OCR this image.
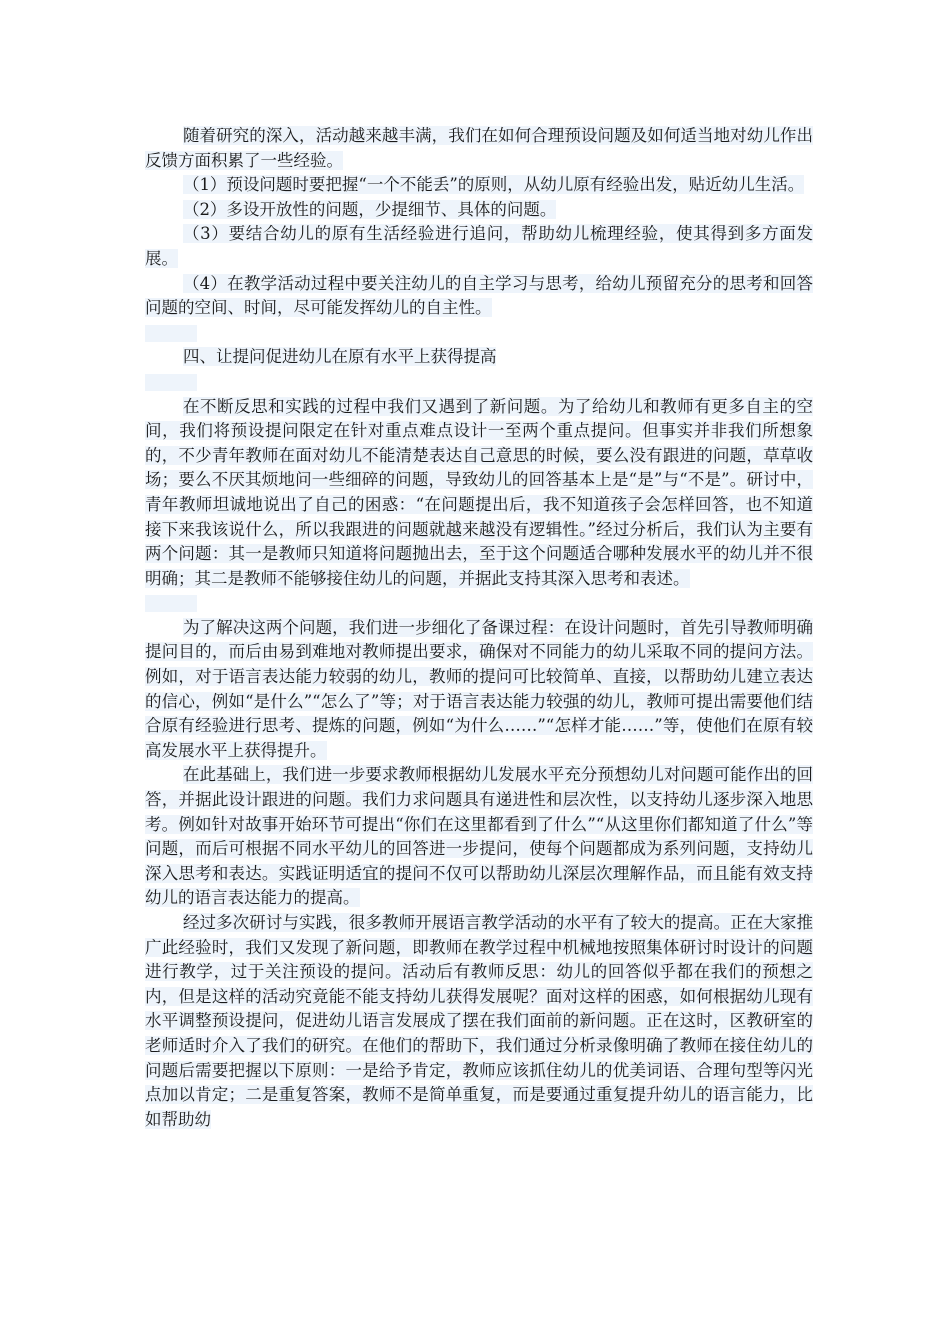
随着研究的深入，活动越来越丰满，我们在如何合理预设问题及如何适当地对幼儿作出反馈方面积累了一些经验。

（1）预设问题时要把握“一个不能丢”的原则，从幼儿原有经验出发，贴近幼儿生活。

（2）多设开放性的问题，少提细节、具体的问题。

（3）要结合幼儿的原有生活经验进行追问，帮助幼儿梳理经验，使其得到多方面发展。

（4）在教学活动过程中要关注幼儿的自主学习与思考，给幼儿预留充分的思考和回答问题的空间、时间，尽可能发挥幼儿的自主性。

四、让提问促进幼儿在原有水平上获得提高

在不断反思和实践的过程中我们又遇到了新问题。为了给幼儿和教师有更多自主的空间，我们将预设提问限定在针对重点难点设计一至两个重点提问。但事实并非我们所想象的，不少青年教师在面对幼儿不能清楚表达自己意思的时候，要么没有跟进的问题，草草收场；要么不厌其烦地问一些细碎的问题，导致幼儿的回答基本上是“是”与“不是”。研讨中，青年教师坦诚地说出了自己的困惑：“在问题提出后，我不知道孩子会怎样回答，也不知道接下来我该说什么，所以我跟进的问题就越来越没有逻辑性。”经过分析后，我们认为主要有两个问题：其一是教师只知道将问题抛出去，至于这个问题适合哪种发展水平的幼儿并不很明确；其二是教师不能够接住幼儿的问题，并据此支持其深入思考和表述。

为了解决这两个问题，我们进一步细化了备课过程：在设计问题时，首先引导教师明确提问目的，而后由易到难地对教师提出要求，确保对不同能力的幼儿采取不同的提问方法。例如，对于语言表达能力较弱的幼儿，教师的提问可比较简单、直接，以帮助幼儿建立表达的信心，例如“是什么”“怎么了”等；对于语言表达能力较强的幼儿，教师可提出需要他们结合原有经验进行思考、提炼的问题，例如“为什么……”“怎样才能……”等，使他们在原有较高发展水平上获得提升。

在此基础上，我们进一步要求教师根据幼儿发展水平充分预想幼儿对问题可能作出的回答，并据此设计跟进的问题。我们力求问题具有递进性和层次性，以支持幼儿逐步深入地思考。例如针对故事开始环节可提出“你们在这里都看到了什么”“从这里你们都知道了什么”等问题，而后可根据不同水平幼儿的回答进一步提问，使每个问题都成为系列问题，支持幼儿深入思考和表达。实践证明适宜的提问不仅可以帮助幼儿深层次理解作品，而且能有效支持幼儿的语言表达能力的提高。

经过多次研讨与实践，很多教师开展语言教学活动的水平有了较大的提高。正在大家推广此经验时，我们又发现了新问题，即教师在教学过程中机械地按照集体研讨时设计的问题进行教学，过于关注预设的提问。活动后有教师反思：幼儿的回答似乎都在我们的预想之内，但是这样的活动究竟能不能支持幼儿获得发展呢？面对这样的困惑，如何根据幼儿现有水平调整预设提问，促进幼儿语言发展成了摆在我们面前的新问题。正在这时，区教研室的老师适时介入了我们的研究。在他们的帮助下，我们通过分析录像明确了教师在接住幼儿的问题后需要把握以下原则：一是给予肯定，教师应该抓住幼儿的优美词语、合理句型等闪光点加以肯定；二是重复答案，教师不是简单重复，而是要通过重复提升幼儿的语言能力，比如帮助幼
